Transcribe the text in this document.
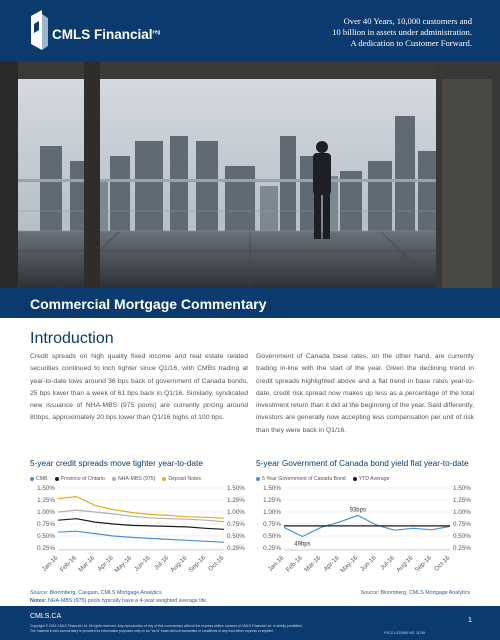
CMLS Financial$^{reg}$
Over 40 Years, 10,000 customers and
10 billion in assets under administration.
A dedication to Customer Forward.
Commercial Mortgage Commentary
Introduction
Credit spreads on high quality fixed income and real estate related securities continued to inch tighter since Q1/16, with CMBs trading at year-to-date lows around 36 bps back of government of Canada bonds, 25 bps lower than a week of 61 bps back in Q1/16. Similarly, syndicated new issuance of NHA-MBS (975 pools) are currently pricing around 80bps, approximately 20 bps lower than Q1/16 highs of 100 bps.
Government of Canada base rates, on the other hand, are currently trading in-line with the start of the year. Given the declining trend in credit spreads highlighted above and a flat trend in base rates year-to-date, credit risk spread now makes up less as a percentage of the total investment return than it did at the beginning of the year. Said differently, investors are generally now accepting less compensation per unit of risk than they were back in Q1/16.
5-year credit spreads move tighter year-to-date
CMB	Province of Ontario	NHA-MBS (975)	Deposit Notes
1.50%	1.50%
1.25%	1.25%
1.00%	1.00%
0.75%	0.75%
0.50%	0.50%
0.25%	0.25%
Jan-16 Feb-16 Mar-16 Apr-16
May-16 Jun-16 Jul-16 Aug-16 Sep-16 Oct-16
Source: Bloomberg, Casgain, CMLS Mortgage Analytics
5-year Government of Canada bond yield flat year-to-date
5 Year Government of Canada Bond	YTD Average
1.50%	1.50%
1.25%	1.25%
1.00%	1.00%
0.75%	0.75%
0.50%	0.50%
0.25%	0.25%
Jan-16 Feb-16 Mar-16 Apr-16
May-16 Jun-16 Jul-16 Aug-16 Sep-16 Oct-16
93bps
49bps
Source: Bloomberg, CMLS Mortgage Analytics
Notes: NHA-MBS (975) pools typically have a 4-year weighted average life
CMLS.CA
Copyright © 2016 CMLS Financial Ltd. All rights reserved. Any reproduction of any of this commentary without the express written consent of CMLS Financial Ltd. is strictly prohibited.
The material in this commentary is provided for information purposes only on an "as is" basis without warranties or conditions of any kind either express or implied.	FSCO LICENSE NO. 11749
1
